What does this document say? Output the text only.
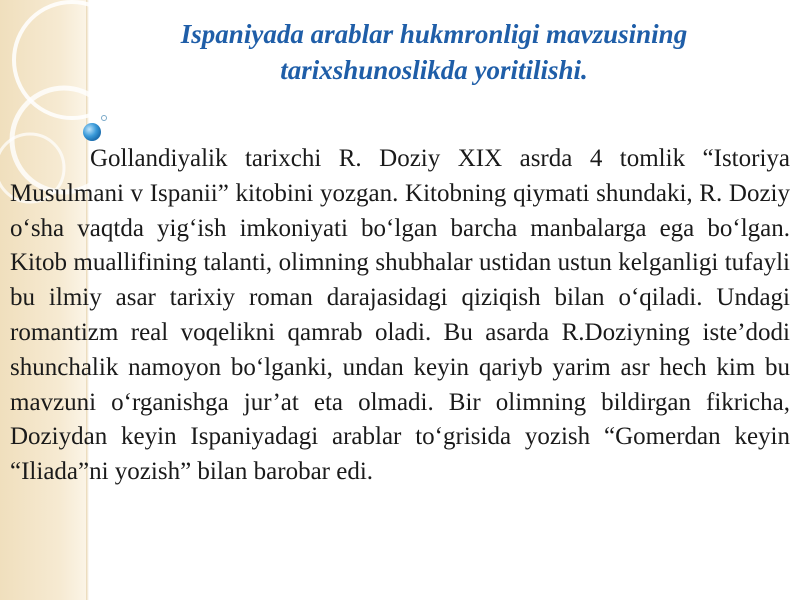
Ispaniyada arablar hukmronligi mavzusining
tarixshunoslikda yoritilishi.

Gollandiyalik tarixchi R. Doziy XIX asrda 4 tomlik “Istoriya Musulmani v Ispanii” kitobini yozgan. Kitobning qiymati shundaki, R. Doziy o‘sha vaqtda yig‘ish imkoniyati bo‘lgan barcha manbalarga ega bo‘lgan. Kitob muallifining talanti, olimning shubhalar ustidan ustun kelganligi tufayli bu ilmiy asar tarixiy roman darajasidagi qiziqish bilan o‘qiladi. Undagi romantizm real voqelikni qamrab oladi. Bu asarda R.Doziyning iste’dodi shunchalik namoyon bo‘lganki, undan keyin qariyb yarim asr hech kim bu mavzuni o‘rganishga jur’at eta olmadi. Bir olimning bildirgan fikricha, Doziydan keyin Ispaniyadagi arablar to‘grisida yozish “Gomerdan keyin “Iliada”ni yozish” bilan barobar edi.
